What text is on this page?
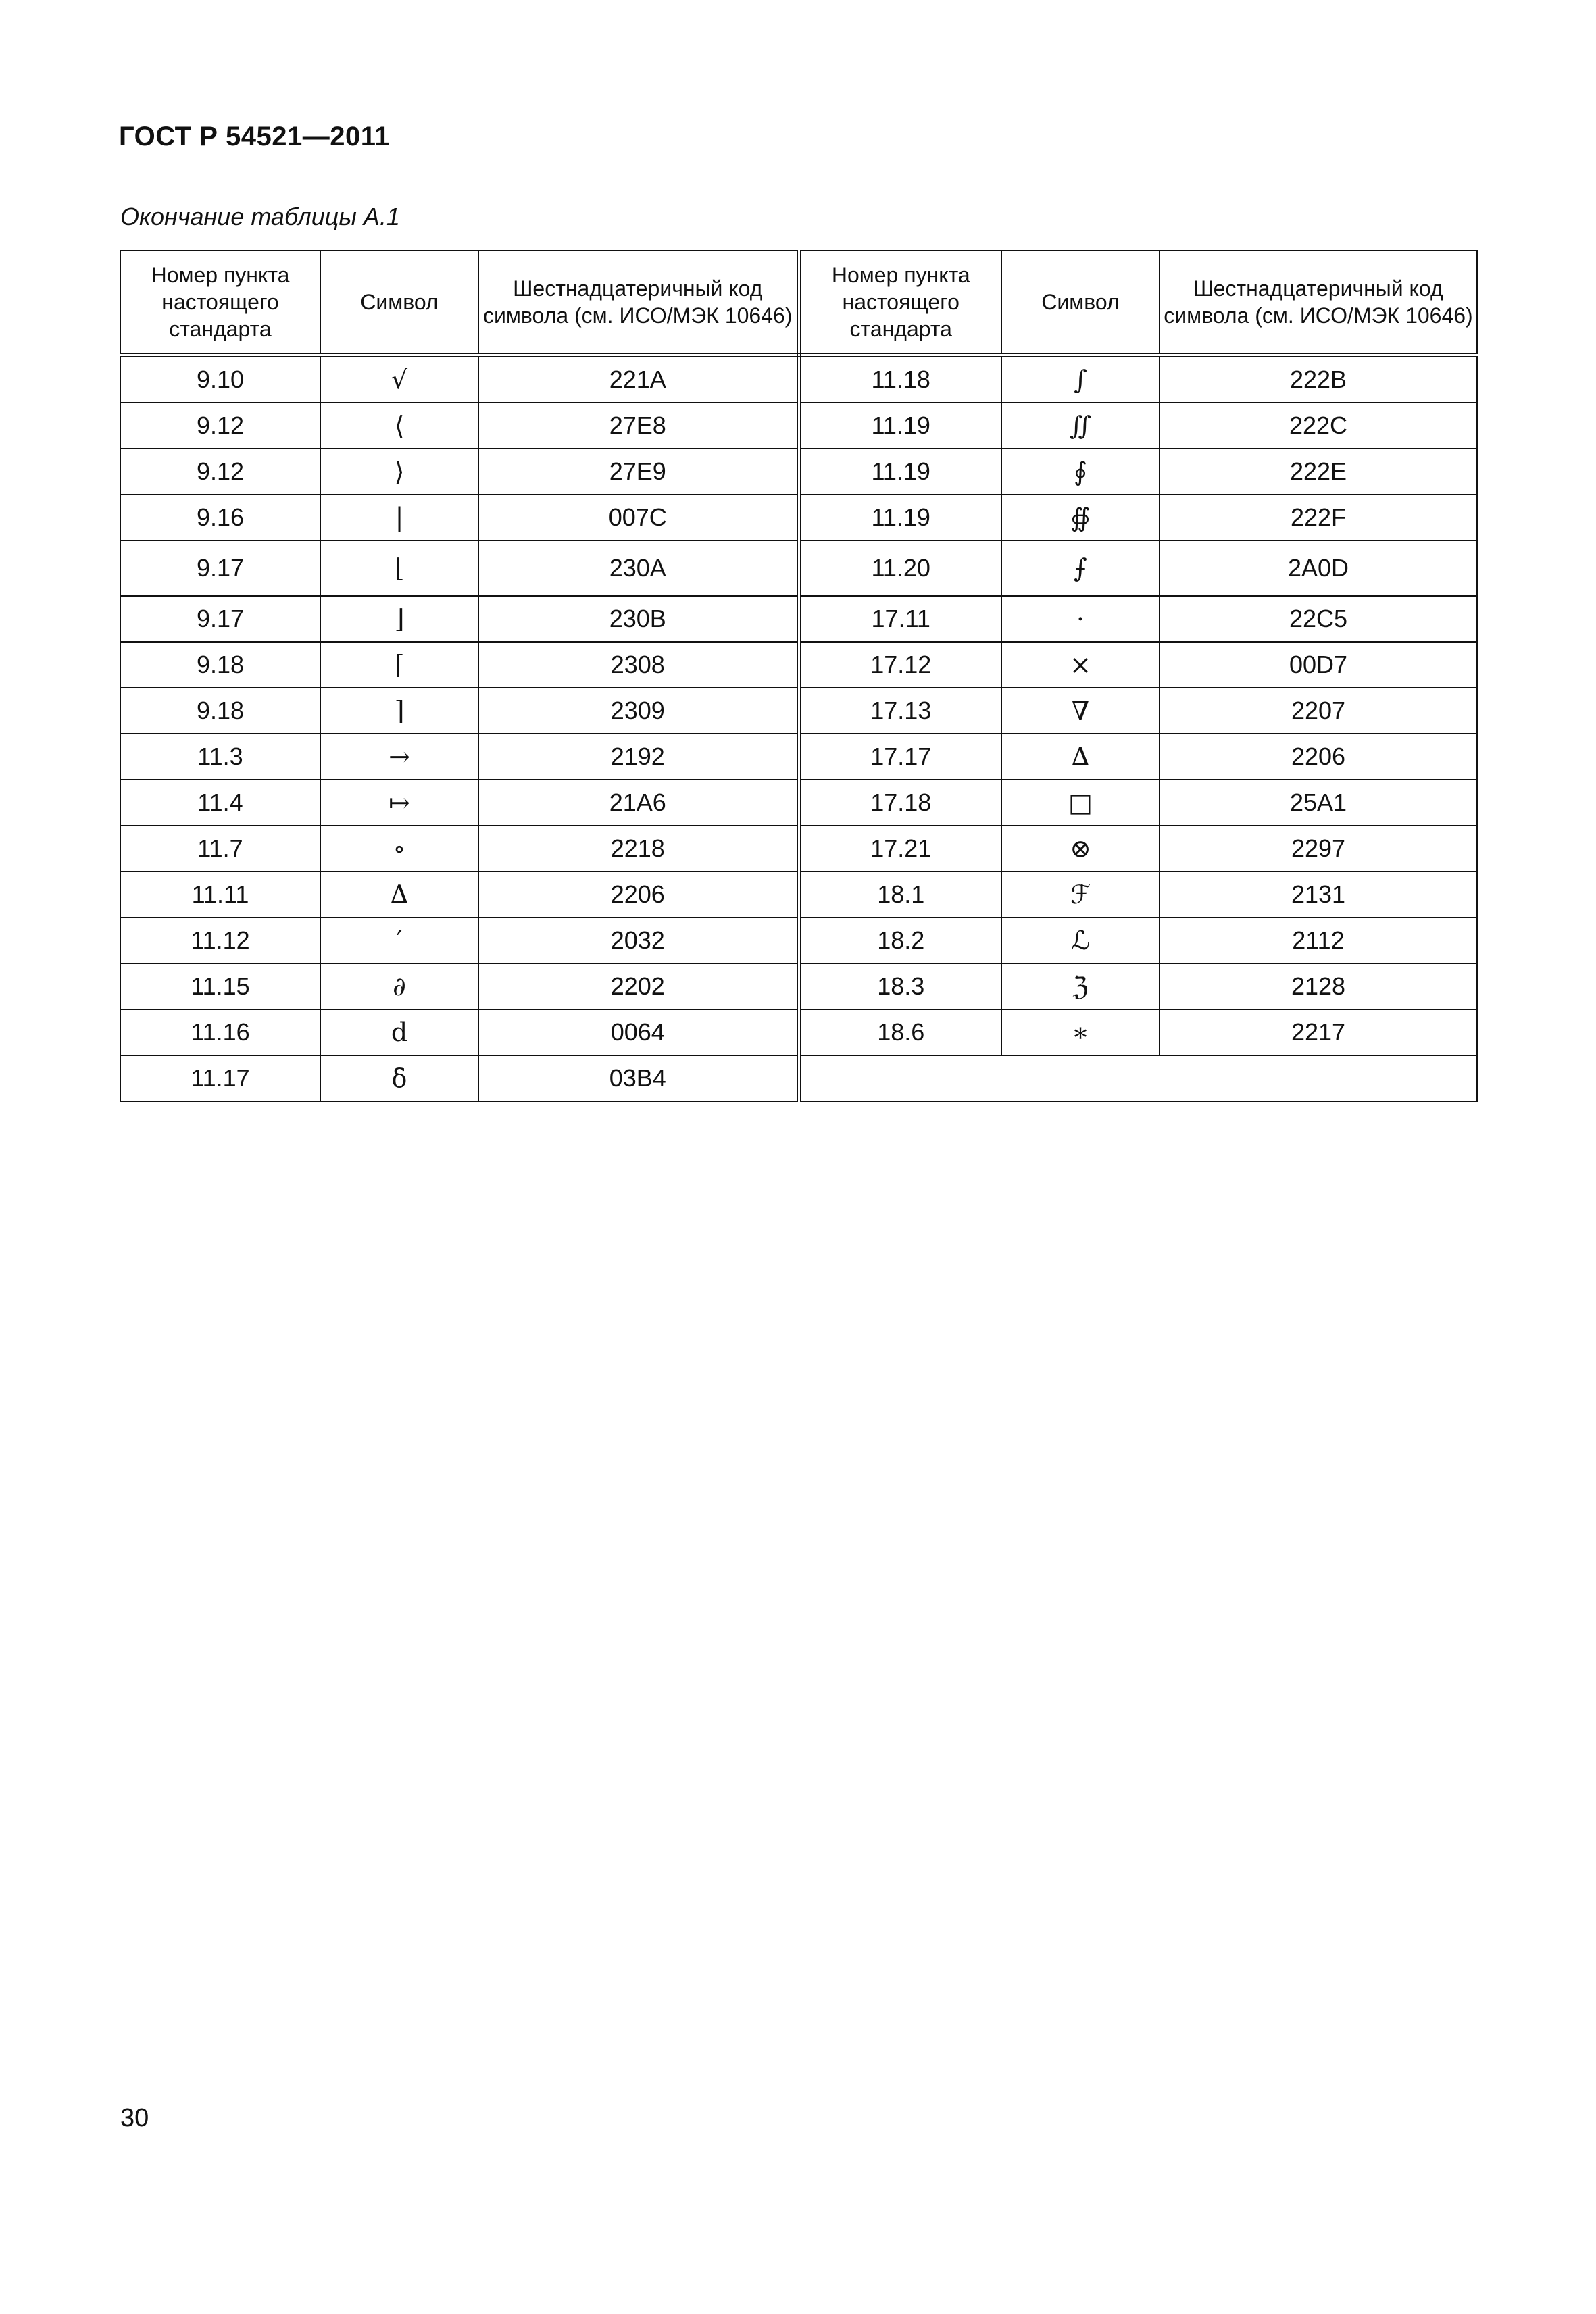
ГОСТ Р 54521—2011
Окончание таблицы А.1
Номер пункта настоящего стандарта	Символ	Шестнадцатеричный код символа (см. ИСО/МЭК 10646)	Номер пункта настоящего стандарта	Символ	Шестнадцатеричный код символа (см. ИСО/МЭК 10646)
9.10	√	221A	11.18	∫	222B
9.12	⟨	27E8	11.19	∬	222C
9.12	⟩	27E9	11.19	∮	222E
9.16	|	007C	11.19	∯	222F
9.17	⌊	230A	11.20	⨍	2A0D
9.17	⌋	230B	17.11	⋅	22C5
9.18	⌈	2308	17.12	×	00D7
9.18	⌉	2309	17.13	∇	2207
11.3	→	2192	17.17	∆	2206
11.4	↦	21A6	17.18	□	25A1
11.7	∘	2218	17.21	⊗	2297
11.11	∆	2206	18.1	ℱ	2131
11.12	′	2032	18.2	ℒ	2112
11.15	∂	2202	18.3	ℨ	2128
11.16	d	0064	18.6	∗	2217
11.17	δ	03B4			
30
